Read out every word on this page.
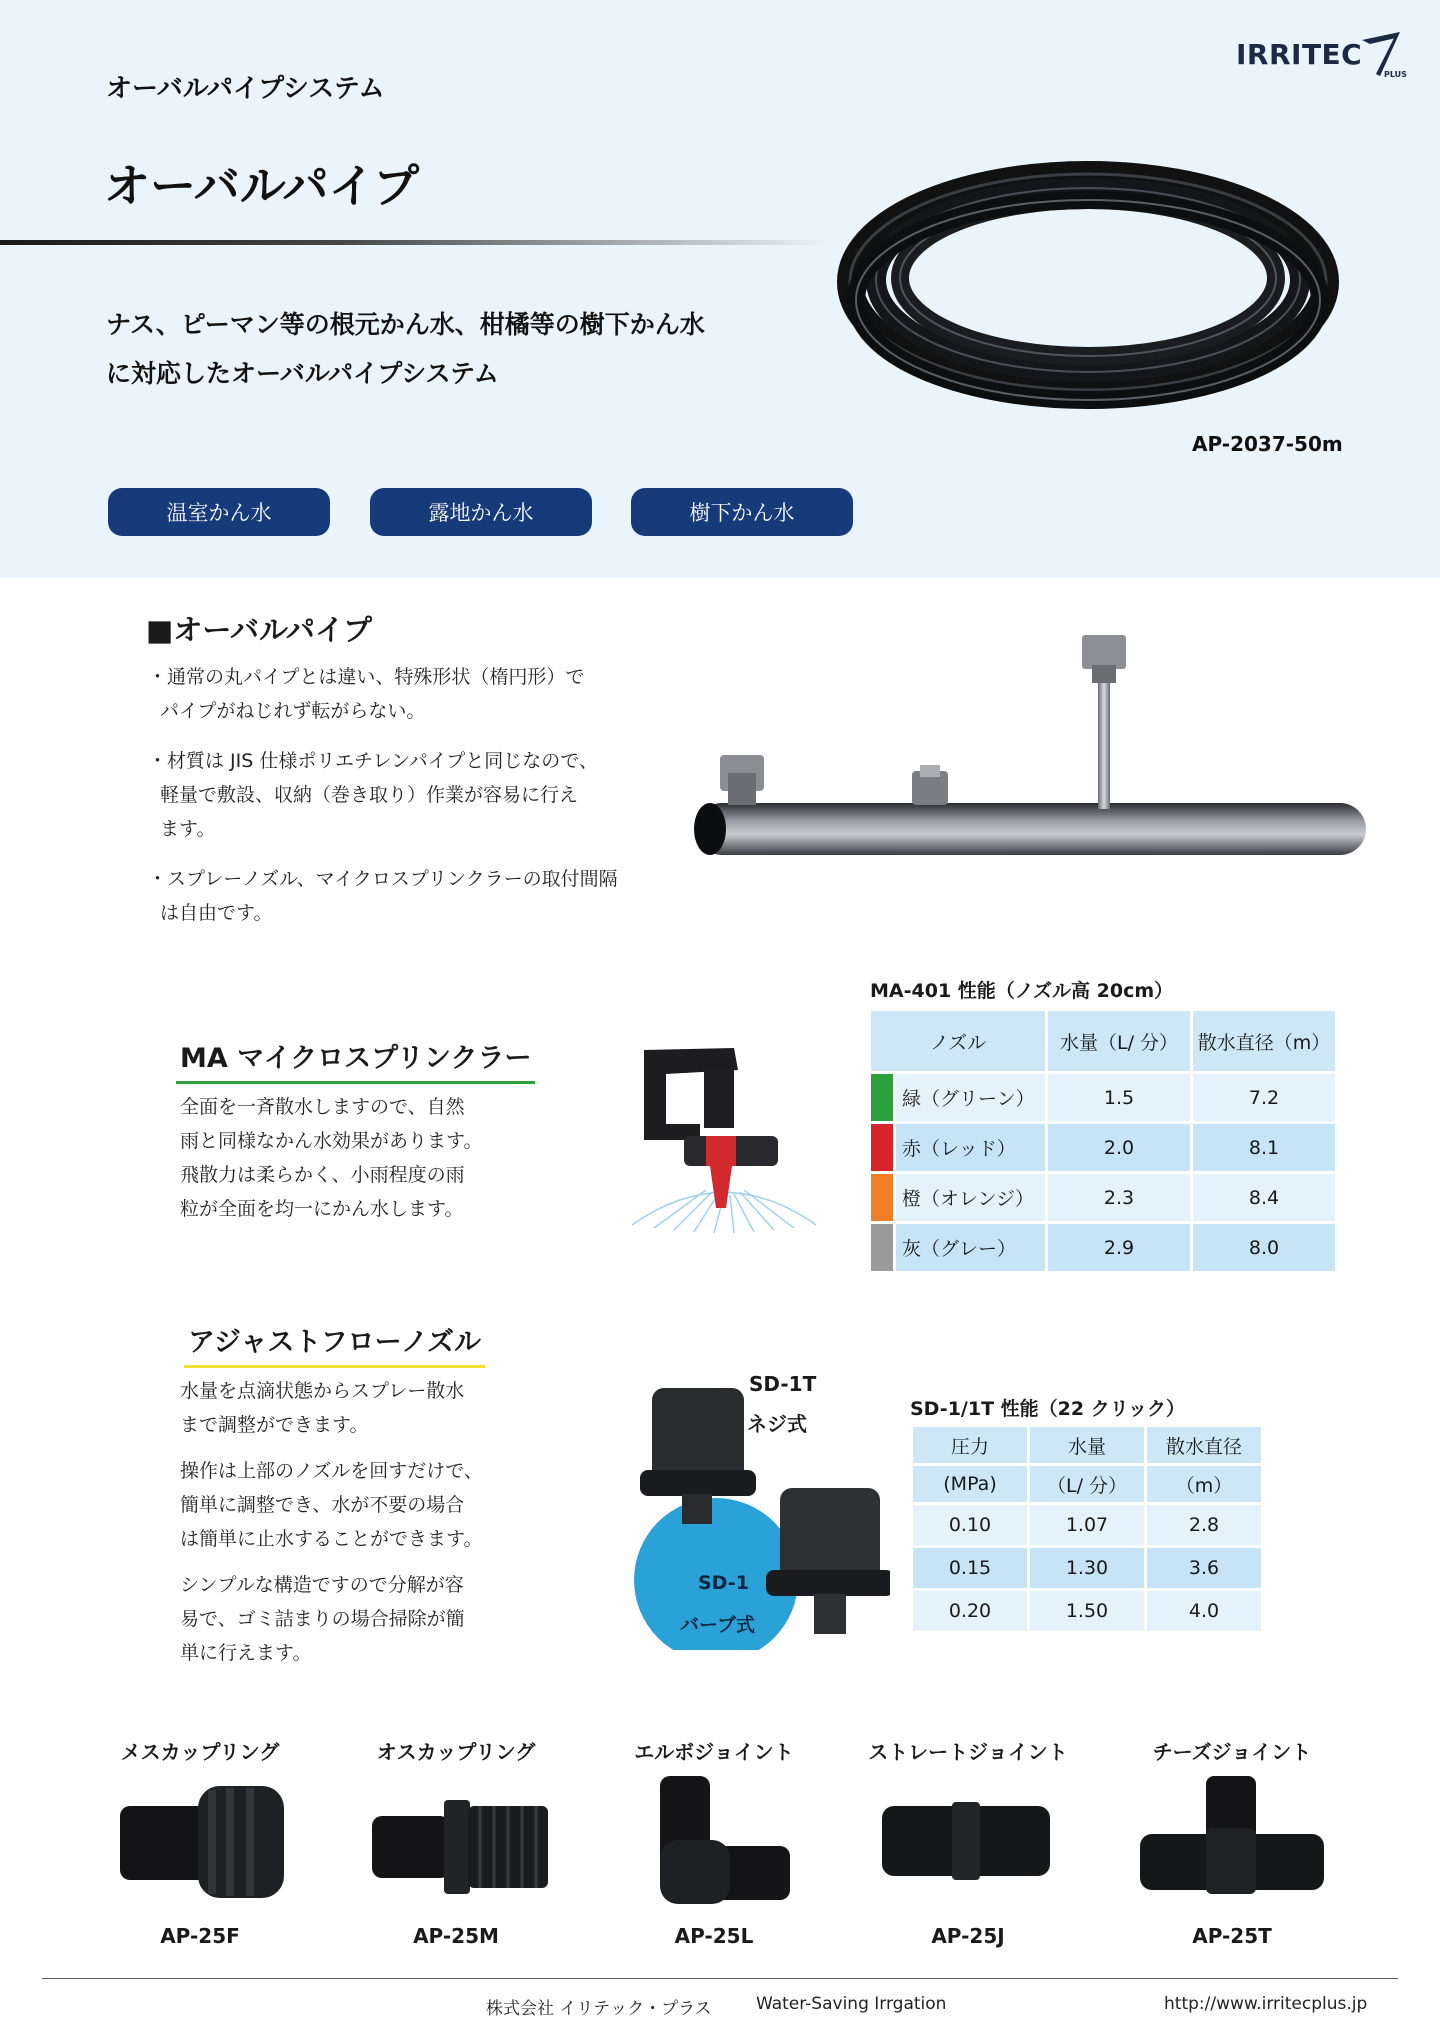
IRRITEC
PLUS
オーバルパイプシステム
オーバルパイプ
ナス、ピーマン等の根元かん水、柑橘等の樹下かん水
に対応したオーバルパイプシステム
AP-2037-50m
温室かん水	露地かん水	樹下かん水
■オーバルパイプ

・通常の丸パイプとは違い、特殊形状（楕円形）で
パイプがねじれず転がらない。

・材質は JIS 仕様ポリエチレンパイプと同じなので、
軽量で敷設、収納（巻き取り）作業が容易に行え
ます。

・スプレーノズル、マイクロスプリンクラーの取付間隔
は自由です。

MA マイクロスプリンクラー
全面を一斉散水しますので、自然
雨と同様なかん水効果があります。
飛散力は柔らかく、小雨程度の雨
粒が全面を均一にかん水します。
MA-401 性能（ノズル高 20cm）
ノズル		水量（L/ 分）	散水直径（m）
	緑（グリーン）	1.5	7.2
	赤（レッド）	2.0	8.1
	橙（オレンジ）	2.3	8.4
	灰（グレー）	2.9	8.0
アジャストフローノズル

水量を点滴状態からスプレー散水
まで調整ができます。

操作は上部のノズルを回すだけで、
簡単に調整でき、水が不要の場合
は簡単に止水することができます。

シンプルな構造ですので分解が容
易で、ゴミ詰まりの場合掃除が簡
単に行えます。

SD-1T
ネジ式
SD-1
バーブ式
SD-1/1T 性能（22 クリック）
圧力	水量	散水直径
(MPa)	（L/ 分）	（m）
0.10	1.07	2.8
0.15	1.30	3.6
0.20	1.50	4.0
メスカップリング	オスカップリング	エルボジョイント	ストレートジョイント	チーズジョイント
AP-25F	AP-25M	AP-25L	AP-25J	AP-25T
株式会社 イリテック・プラス	Water-Saving Irrgation	http://www.irritecplus.jp
